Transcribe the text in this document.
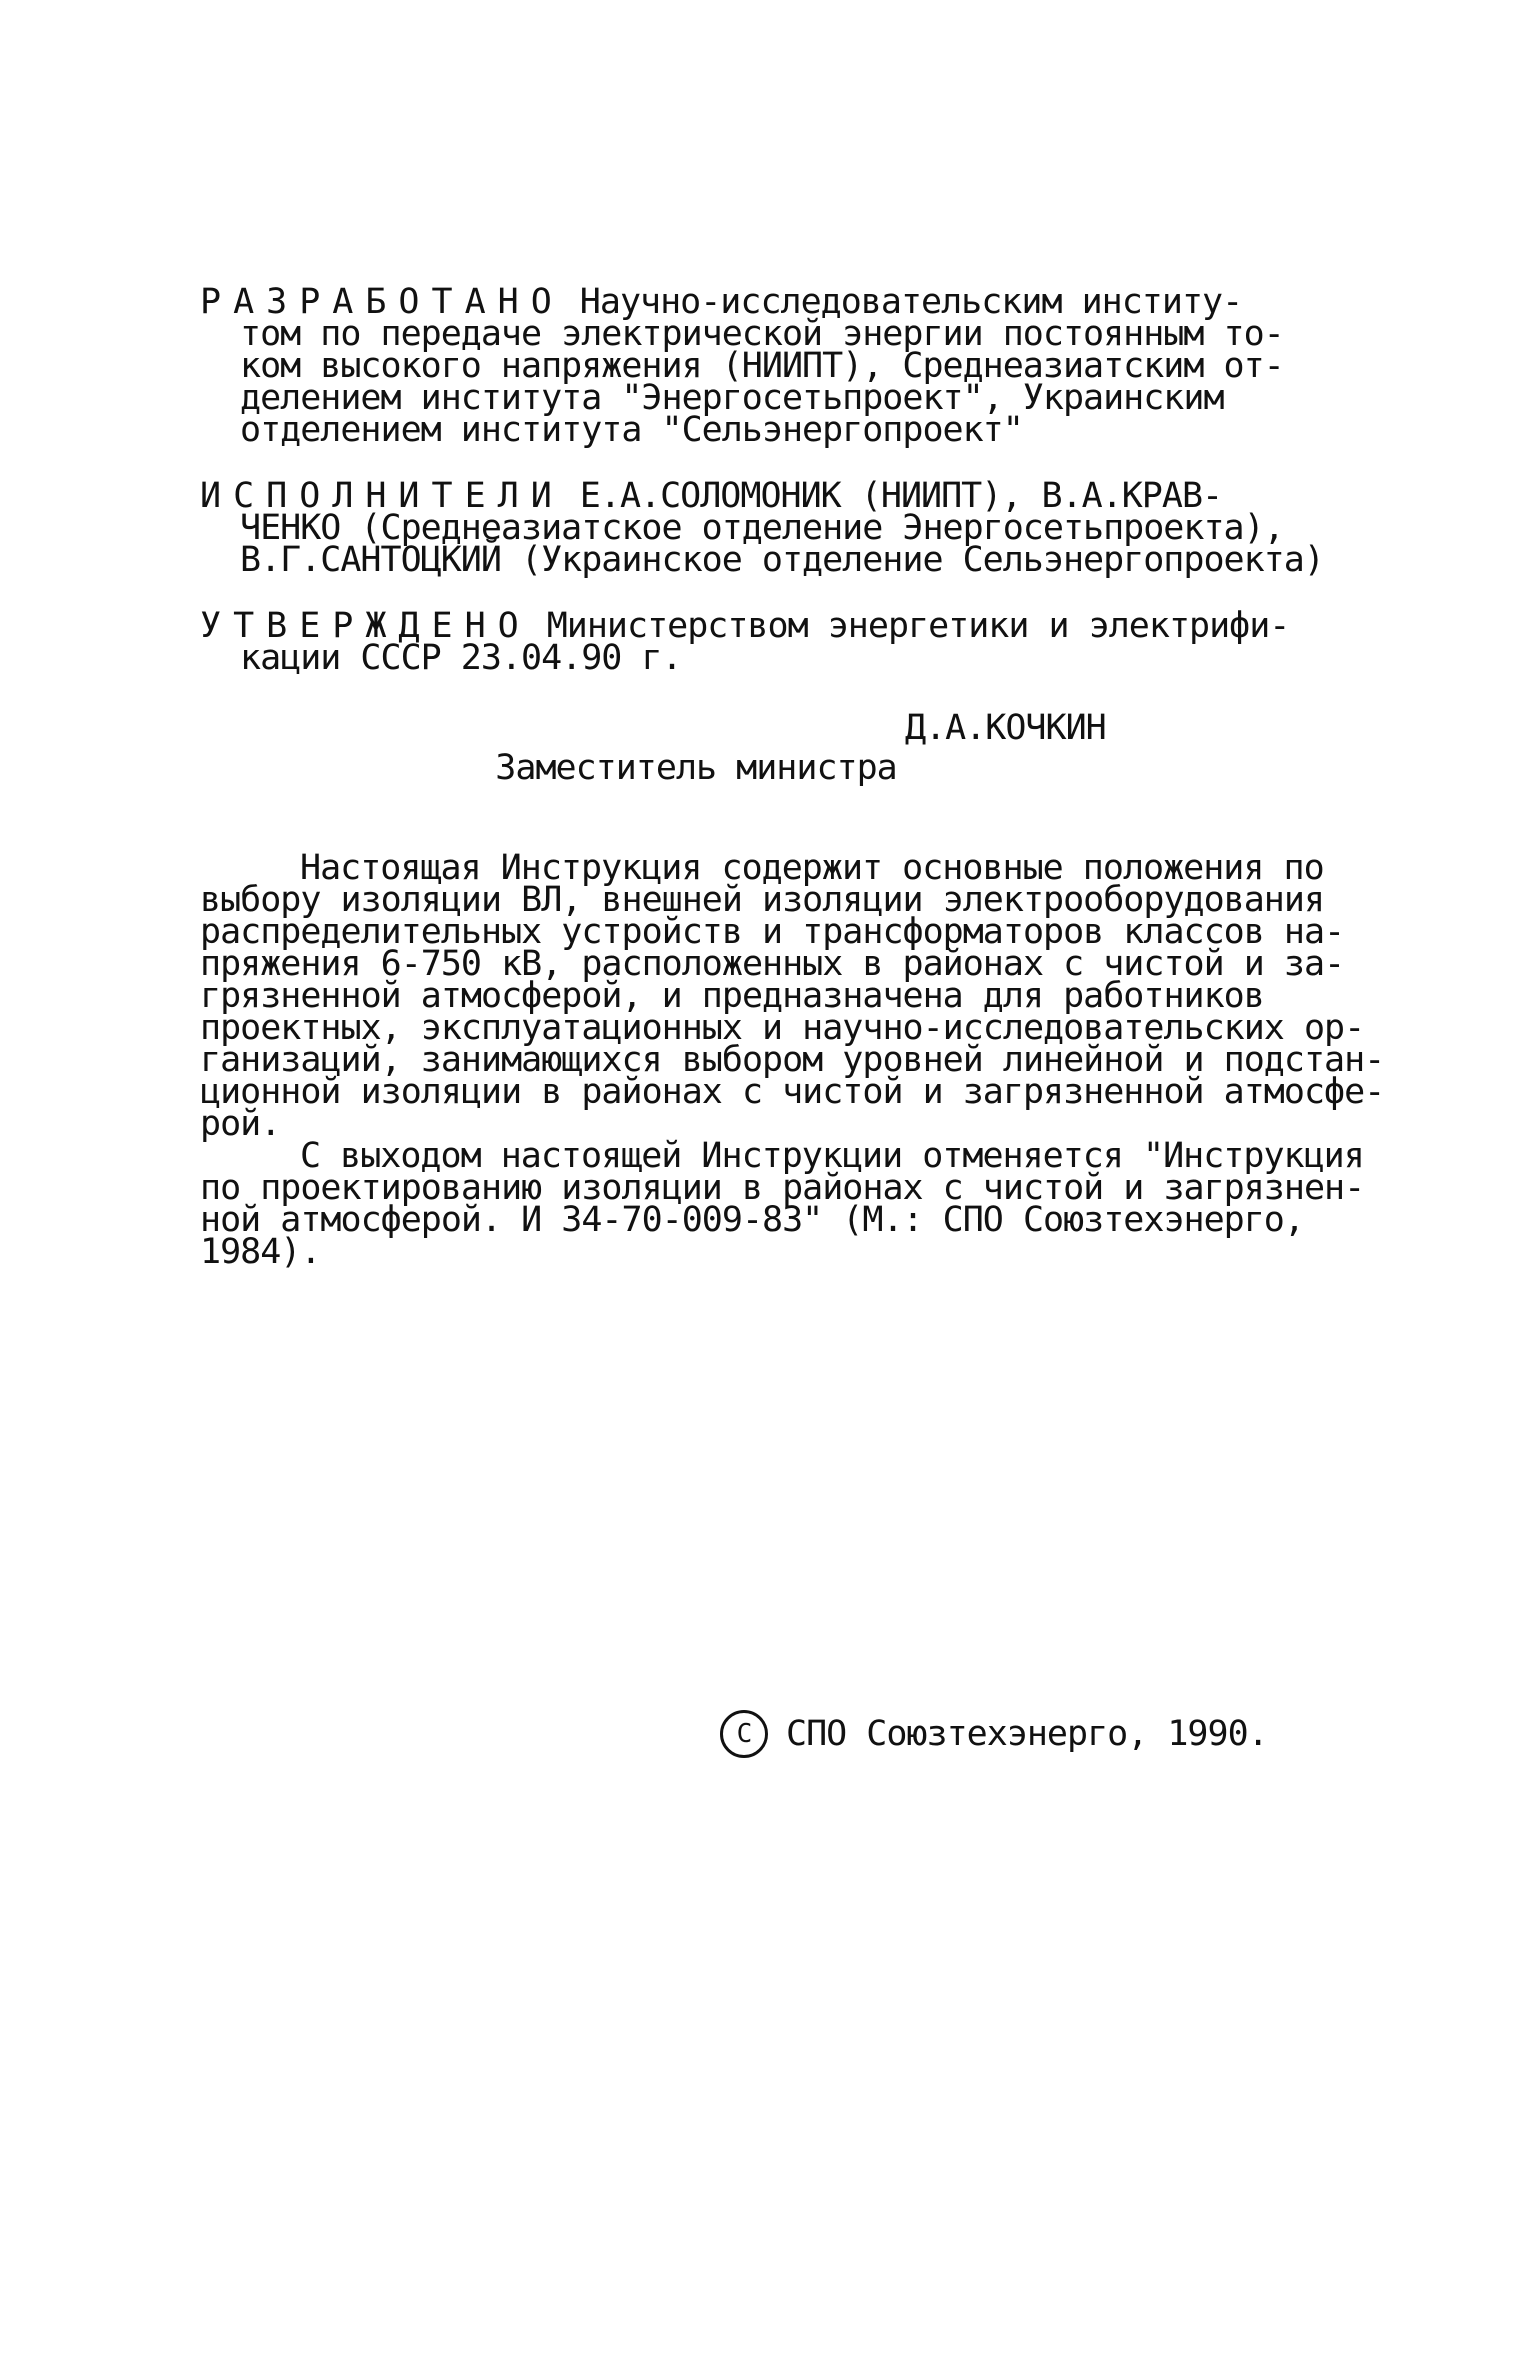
РАЗРАБОТАНО Научно-исследовательским институ-
том по передаче электрической энергии постоянным то-
ком высокого напряжения (НИИПТ), Среднеазиатским от-
делением института "Энергосетьпроект", Украинским
отделением института "Сельэнергопроект"
ИСПОЛНИТЕЛИ Е.А.СОЛОМОНИК (НИИПТ), В.А.КРАВ-
ЧЕНКО (Среднеазиатское отделение Энергосетьпроекта),
В.Г.САНТОЦКИЙ (Украинское отделение Сельэнергопроекта)
УТВЕРЖДЕНО Министерством энергетики и электрифи-
кации СССР 23.04.90 г.

Заместитель министра

Д.А.КОЧКИН

Настоящая Инструкция содержит основные положения по
выбору изоляции ВЛ, внешней изоляции электрооборудования
распределительных устройств и трансформаторов классов на-
пряжения 6-750 кВ, расположенных в районах с чистой и за-
грязненной атмосферой, и предназначена для работников
проектных, эксплуатационных и научно-исследовательских ор-
ганизаций, занимающихся выбором уровней линейной и подстан-
ционной изоляции в районах с чистой и загрязненной атмосфе-
рой.
С выходом настоящей Инструкции отменяется "Инструкция
по проектированию изоляции в районах с чистой и загрязнен-
ной атмосферой. И 34-70-009-83" (М.: СПО Союзтехэнерго,
1984).
С СПО Союзтехэнерго, 1990.
